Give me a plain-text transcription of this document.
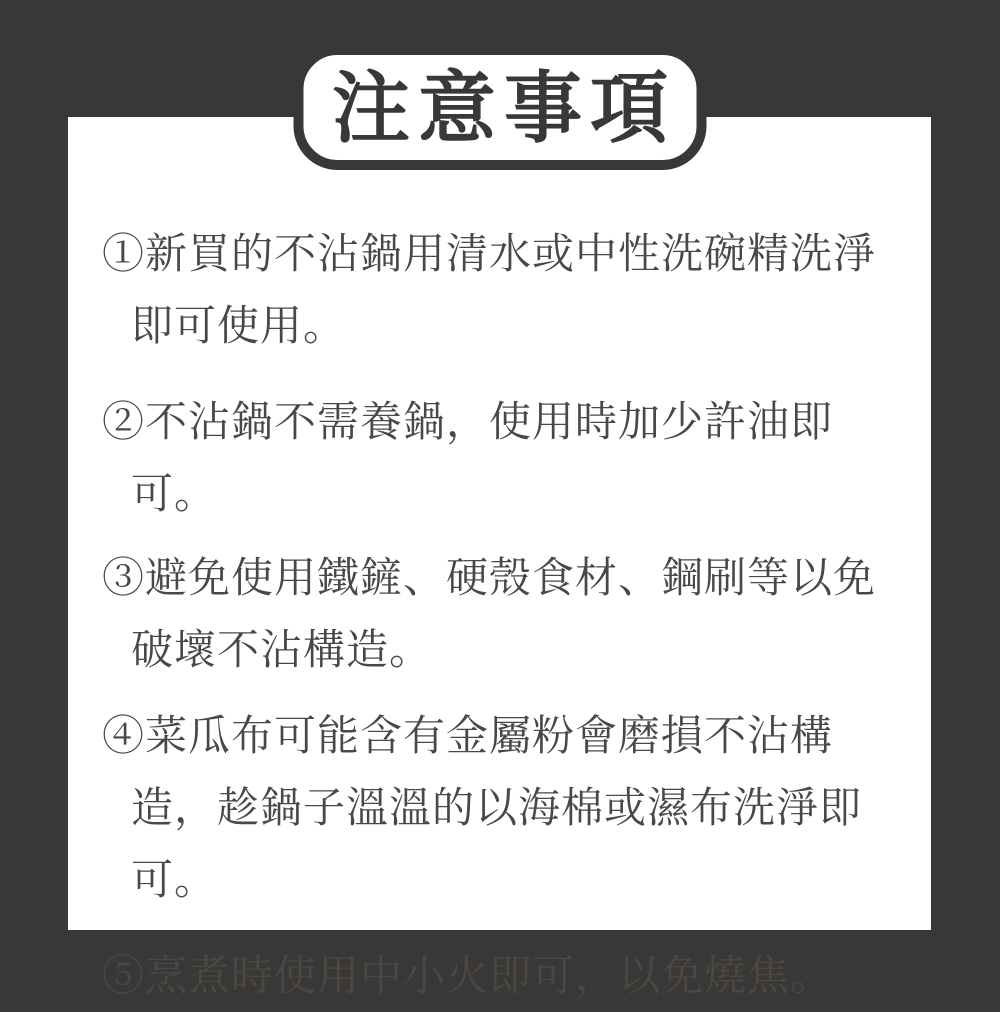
注意事項

①新買的不沾鍋用清水或中性洗碗精洗淨即可使用。

②不沾鍋不需養鍋，使用時加少許油即可。

③避免使用鐵鏟、硬殼食材、鋼刷等以免破壞不沾構造。

④菜瓜布可能含有金屬粉會磨損不沾構造，趁鍋子溫溫的以海棉或濕布洗淨即可。

⑤烹煮時使用中小火即可，以免燒焦。
